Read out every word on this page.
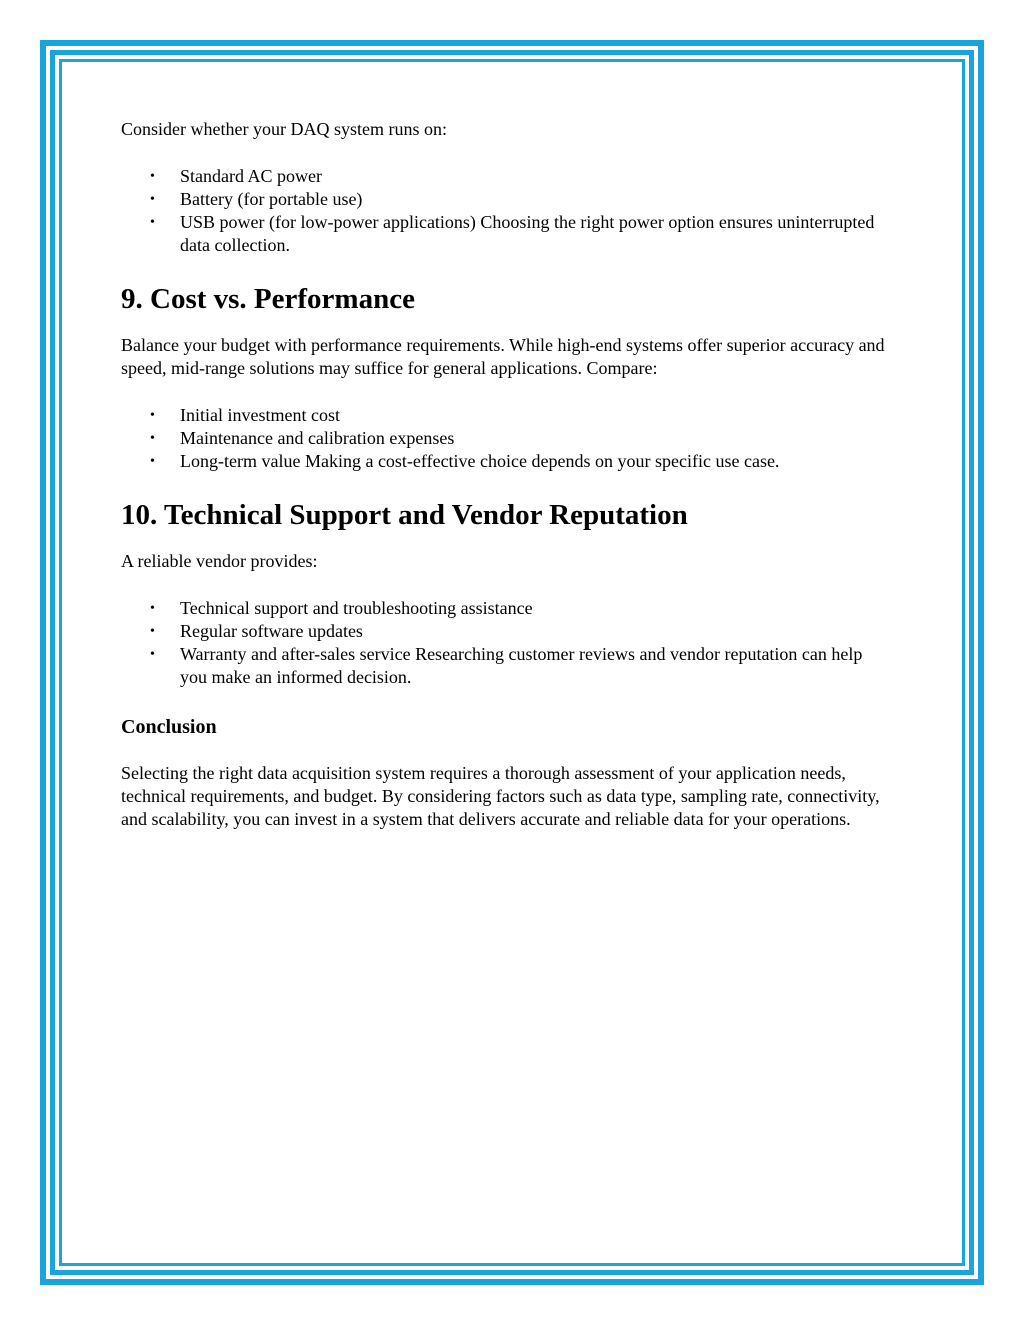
Consider whether your DAQ system runs on:

• Standard AC power
• Battery (for portable use)
• USB power (for low-power applications) Choosing the right power option ensures uninterrupted data collection.
9. Cost vs. Performance

Balance your budget with performance requirements. While high-end systems offer superior accuracy and speed, mid-range solutions may suffice for general applications. Compare:

• Initial investment cost
• Maintenance and calibration expenses
• Long-term value Making a cost-effective choice depends on your specific use case.
10. Technical Support and Vendor Reputation

A reliable vendor provides:

• Technical support and troubleshooting assistance
• Regular software updates
• Warranty and after-sales service Researching customer reviews and vendor reputation can help you make an informed decision.
Conclusion

Selecting the right data acquisition system requires a thorough assessment of your application needs, technical requirements, and budget. By considering factors such as data type, sampling rate, connectivity, and scalability, you can invest in a system that delivers accurate and reliable data for your operations.
